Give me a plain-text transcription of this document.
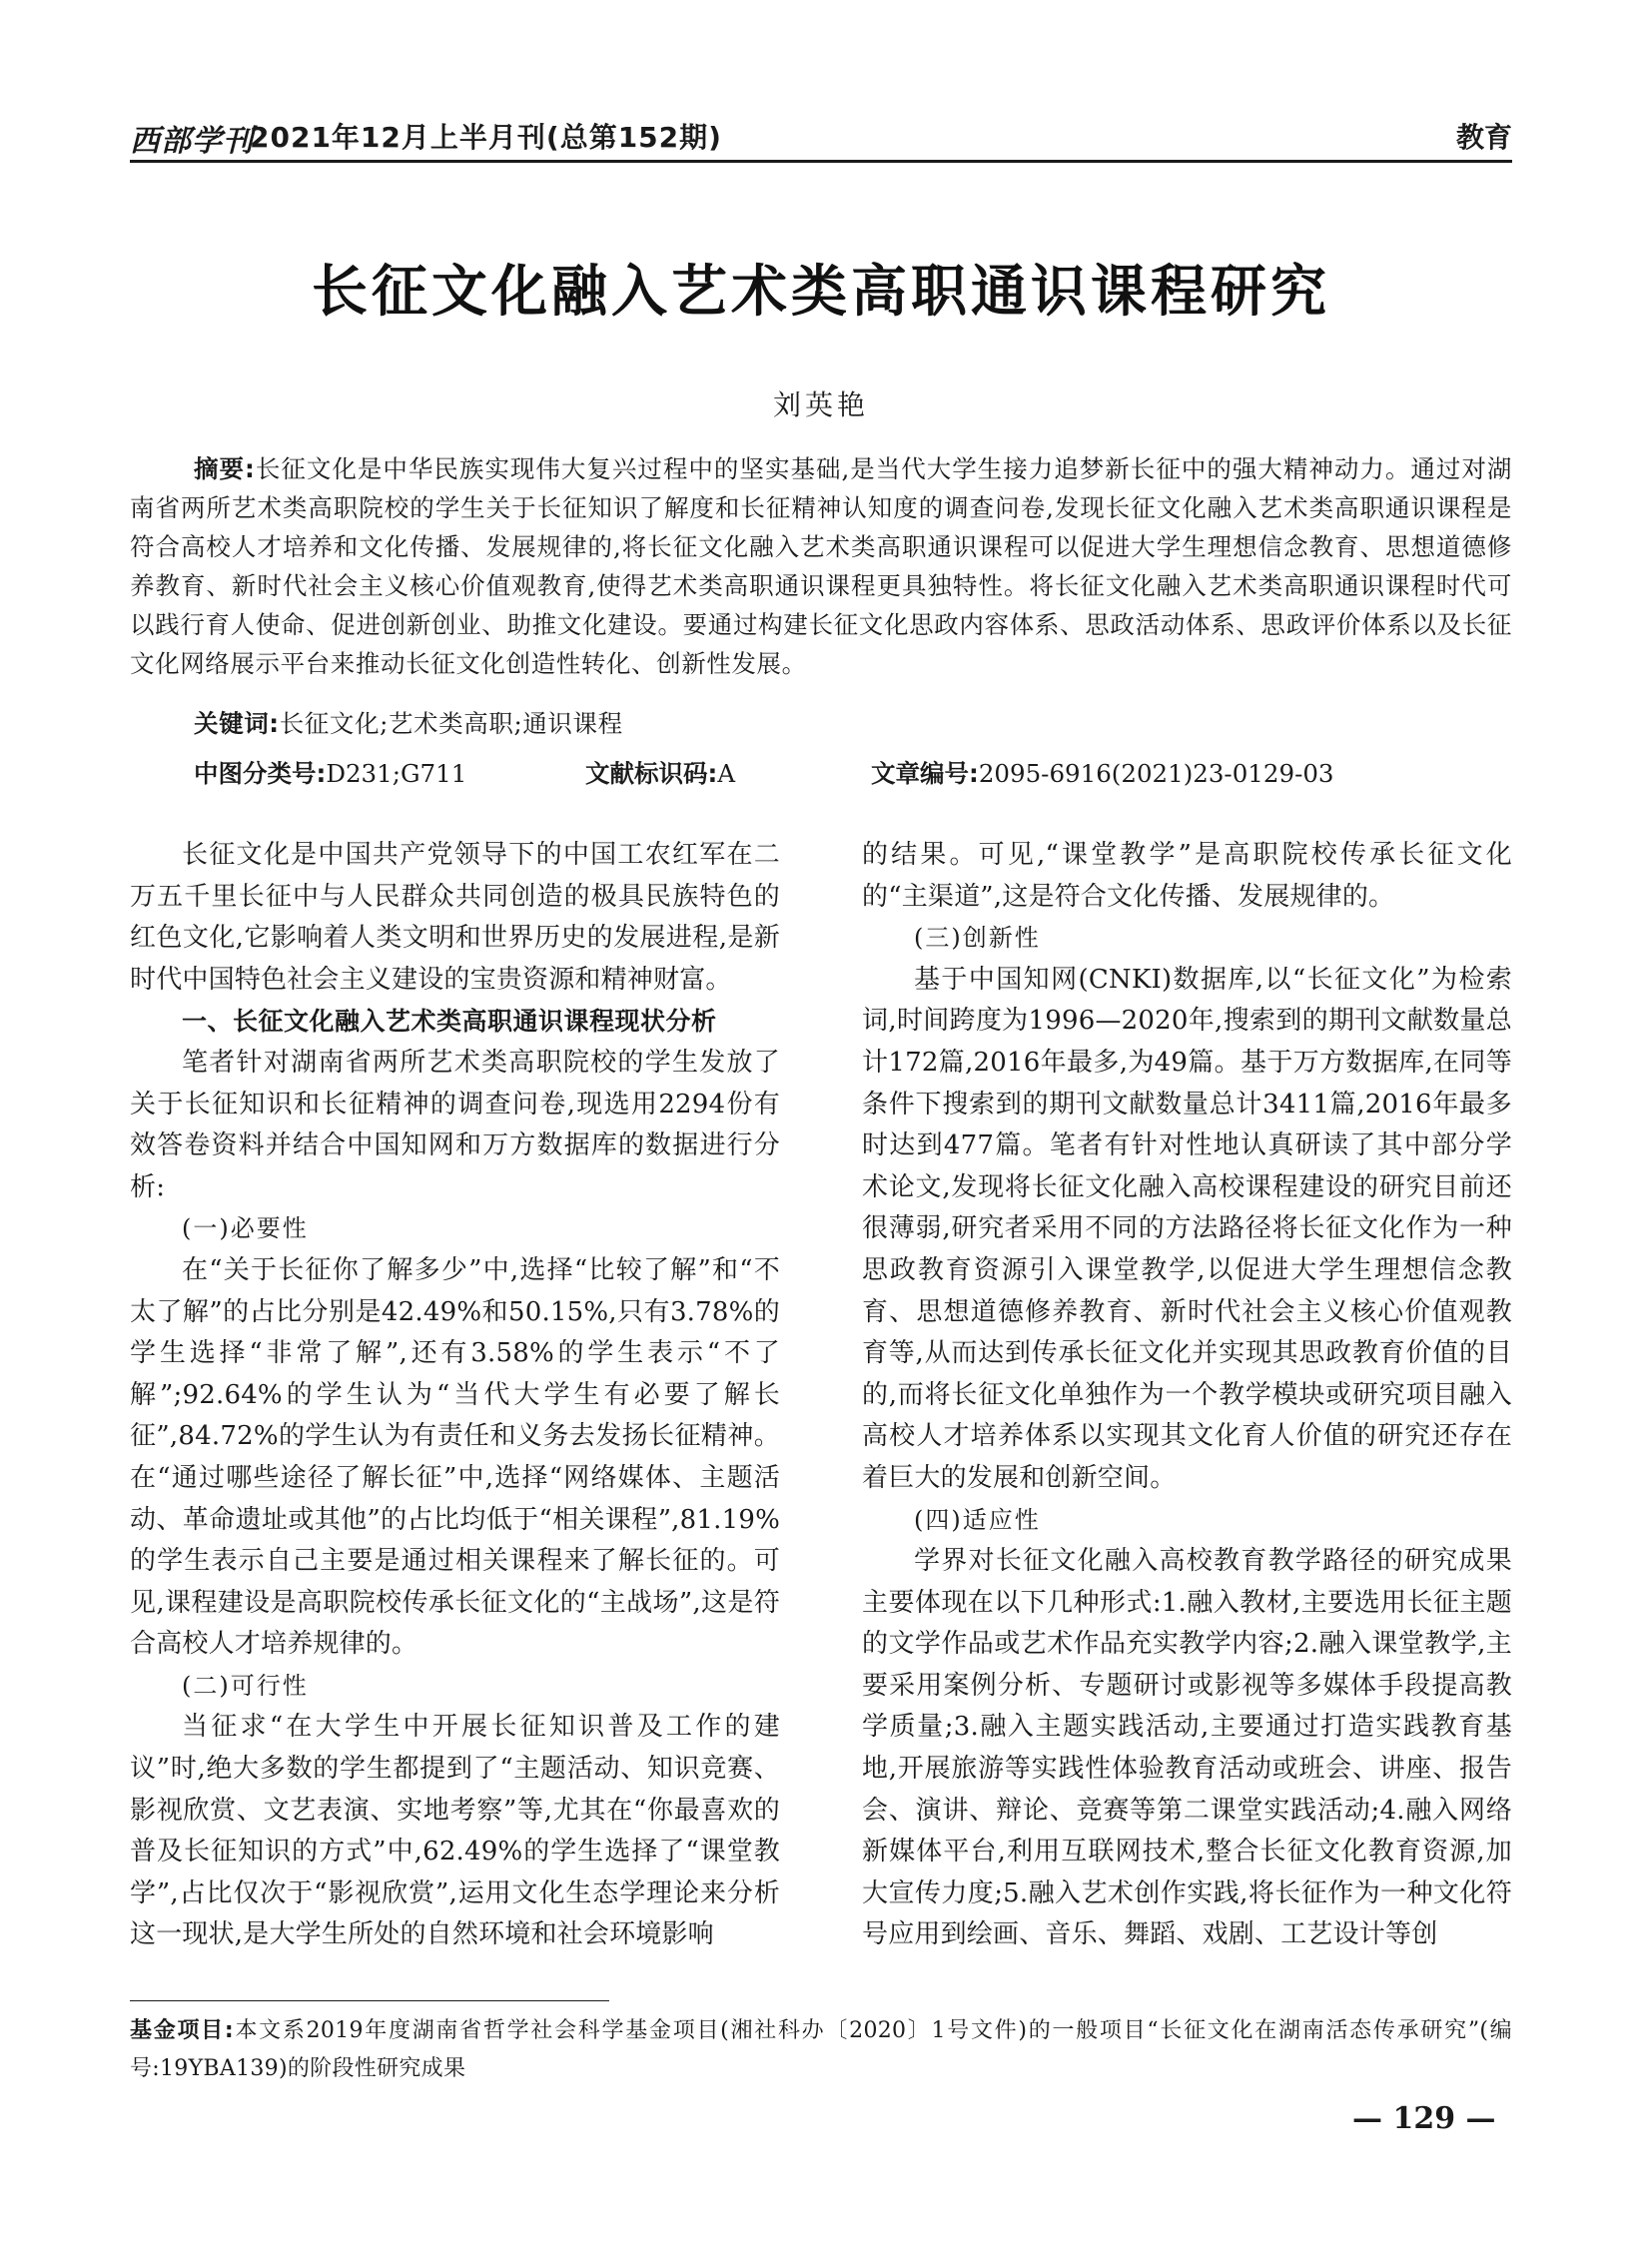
西部学刊
2021年12月上半月刊(总第152期)	教育
长征文化融入艺术类高职通识课程研究
刘英艳
摘要:长征文化是中华民族实现伟大复兴过程中的坚实基础,是当代大学生接力追梦新长征中的强大精神动力。通过对湖南省两所艺术类高职院校的学生关于长征知识了解度和长征精神认知度的调查问卷,发现长征文化融入艺术类高职通识课程是符合高校人才培养和文化传播、发展规律的,将长征文化融入艺术类高职通识课程可以促进大学生理想信念教育、思想道德修养教育、新时代社会主义核心价值观教育,使得艺术类高职通识课程更具独特性。将长征文化融入艺术类高职通识课程时代可以践行育人使命、促进创新创业、助推文化建设。要通过构建长征文化思政内容体系、思政活动体系、思政评价体系以及长征文化网络展示平台来推动长征文化创造性转化、创新性发展。
关键词:长征文化;艺术类高职;通识课程
中图分类号:D231;G711	文献标识码:A	文章编号:2095-6916(2021)23-0129-03

长征文化是中国共产党领导下的中国工农红军在二万五千里长征中与人民群众共同创造的极具民族特色的红色文化,它影响着人类文明和世界历史的发展进程,是新时代中国特色社会主义建设的宝贵资源和精神财富。

一、长征文化融入艺术类高职通识课程现状分析

笔者针对湖南省两所艺术类高职院校的学生发放了关于长征知识和长征精神的调查问卷,现选用2294份有效答卷资料并结合中国知网和万方数据库的数据进行分析:

(一)必要性

在“关于长征你了解多少”中,选择“比较了解”和“不太了解”的占比分别是42.49%和50.15%,只有3.78%的学生选择“非常了解”,还有3.58%的学生表示“不了解”;92.64%的学生认为“当代大学生有必要了解长征”,84.72%的学生认为有责任和义务去发扬长征精神。在“通过哪些途径了解长征”中,选择“网络媒体、主题活动、革命遗址或其他”的占比均低于“相关课程”,81.19%的学生表示自己主要是通过相关课程来了解长征的。可见,课程建设是高职院校传承长征文化的“主战场”,这是符合高校人才培养规律的。

(二)可行性

当征求“在大学生中开展长征知识普及工作的建议”时,绝大多数的学生都提到了“主题活动、知识竞赛、影视欣赏、文艺表演、实地考察”等,尤其在“你最喜欢的普及长征知识的方式”中,62.49%的学生选择了“课堂教学”,占比仅次于“影视欣赏”,运用文化生态学理论来分析这一现状,是大学生所处的自然环境和社会环境影响

的结果。可见,“课堂教学”是高职院校传承长征文化的“主渠道”,这是符合文化传播、发展规律的。

(三)创新性

基于中国知网(CNKI)数据库,以“长征文化”为检索词,时间跨度为1996—2020年,搜索到的期刊文献数量总计172篇,2016年最多,为49篇。基于万方数据库,在同等条件下搜索到的期刊文献数量总计3411篇,2016年最多时达到477篇。笔者有针对性地认真研读了其中部分学术论文,发现将长征文化融入高校课程建设的研究目前还很薄弱,研究者采用不同的方法路径将长征文化作为一种思政教育资源引入课堂教学,以促进大学生理想信念教育、思想道德修养教育、新时代社会主义核心价值观教育等,从而达到传承长征文化并实现其思政教育价值的目的,而将长征文化单独作为一个教学模块或研究项目融入高校人才培养体系以实现其文化育人价值的研究还存在着巨大的发展和创新空间。

(四)适应性

学界对长征文化融入高校教育教学路径的研究成果主要体现在以下几种形式:1.融入教材,主要选用长征主题的文学作品或艺术作品充实教学内容;2.融入课堂教学,主要采用案例分析、专题研讨或影视等多媒体手段提高教学质量;3.融入主题实践活动,主要通过打造实践教育基地,开展旅游等实践性体验教育活动或班会、讲座、报告会、演讲、辩论、竞赛等第二课堂实践活动;4.融入网络新媒体平台,利用互联网技术,整合长征文化教育资源,加大宣传力度;5.融入艺术创作实践,将长征作为一种文化符号应用到绘画、音乐、舞蹈、戏剧、工艺设计等创

基金项目:本文系2019年度湖南省哲学社会科学基金项目(湘社科办〔2020〕1号文件)的一般项目“长征文化在湖南活态传承研究”(编号:19YBA139)的阶段性研究成果
— 129 —
